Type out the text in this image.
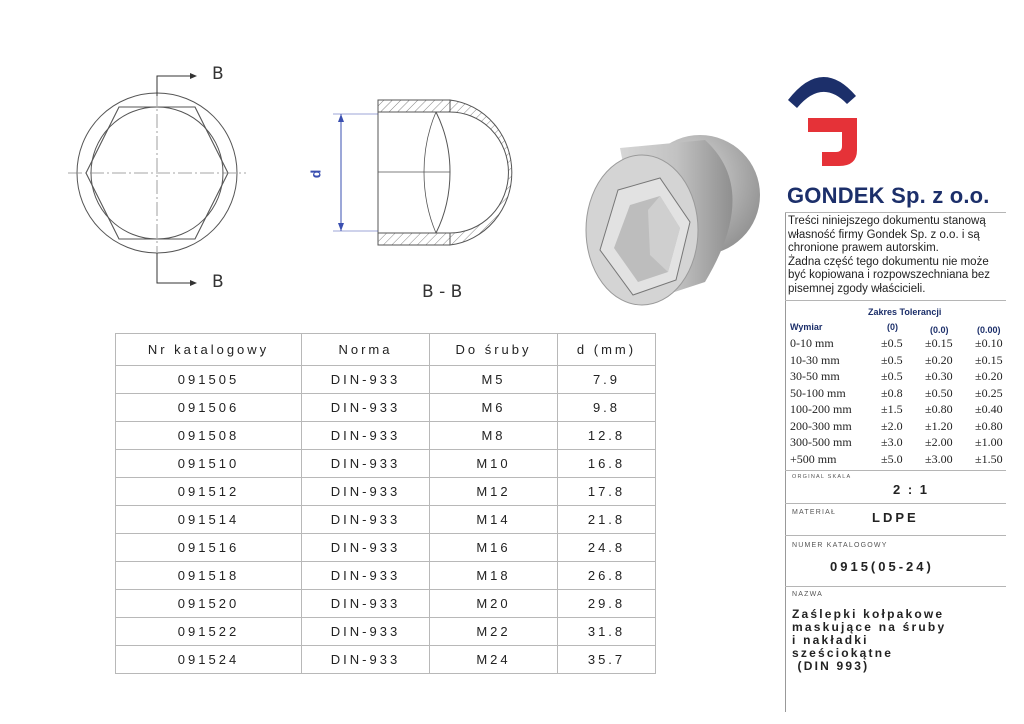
B
B
d
B - B
Nr katalogowy	Norma	Do śruby	d (mm)
091505	DIN-933	M5	7.9
091506	DIN-933	M6	9.8
091508	DIN-933	M8	12.8
091510	DIN-933	M10	16.8
091512	DIN-933	M12	17.8
091514	DIN-933	M14	21.8
091516	DIN-933	M16	24.8
091518	DIN-933	M18	26.8
091520	DIN-933	M20	29.8
091522	DIN-933	M22	31.8
091524	DIN-933	M24	35.7
GONDEK Sp. z o.o.
Treści niniejszego dokumentu stanową
własność firmy Gondek Sp. z o.o. i są
chronione prawem autorskim.
Żadna część tego dokumentu nie może
być kopiowana i rozpowszechniana bez
pisemnej zgody właścicieli.
Zakres Tolerancji
Wymiar	(0)	(0.0)	(0.00)
0-10 mm	±0.5 ±0.15 ±0.10
10-30 mm	±0.5 ±0.20 ±0.15
30-50 mm	±0.5 ±0.30 ±0.20
50-100 mm	±0.8 ±0.50 ±0.25
100-200 mm ±1.5 ±0.80 ±0.40
200-300 mm ±2.0 ±1.20 ±0.80
300-500 mm ±3.0 ±2.00 ±1.00
+500 mm	±5.0 ±3.00 ±1.50
ORGINAL SKALA
2 : 1
MATERIAŁ	LDPE
NUMER KATALOGOWY
0915(05-24)
NAZWA
Zaślepki kołpakowe
maskujące na śruby
i nakładki
sześciokątne
(DIN 993)
